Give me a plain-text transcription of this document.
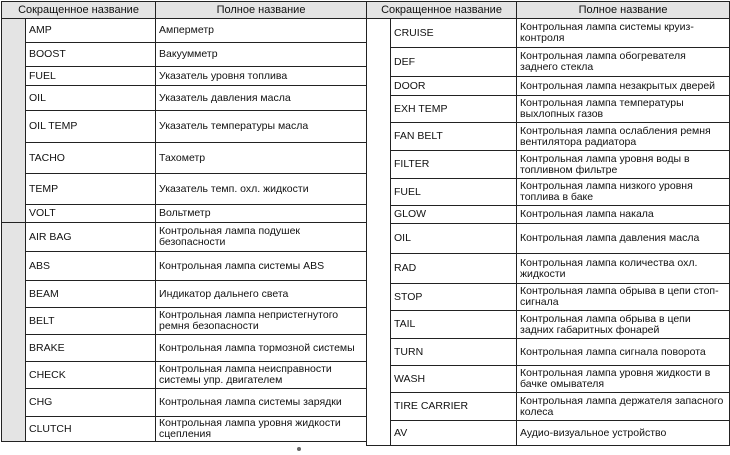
Сокращенное название		Полное название
	AMP	Амперметр
	BOOST	Вакуумметр
	FUEL	Указатель уровня топлива
	OIL	Указатель давления масла
	OIL TEMP	Указатель температуры масла
	TACHO	Тахометр
	TEMP	Указатель темп. охл. жидкости
	VOLT	Вольтметр
	AIR BAG	Контрольная лампа подушек безопасности
	ABS	Контрольная лампа системы ABS
	BEAM	Индикатор дальнего света
	BELT	Контрольная лампа непристегнутого ремня безопасности
	BRAKE	Контрольная лампа тормозной системы
	CHECK	Контрольная лампа неисправности системы упр. двигателем
	CHG	Контрольная лампа системы зарядки
	CLUTCH	Контрольная лампа уровня жидкости сцепления
Сокращенное название		Полное название
	CRUISE	Контрольная лампа системы круиз-контроля
	DEF	Контрольная лампа обогревателя заднего стекла
	DOOR	Контрольная лампа незакрытых дверей
	EXH TEMP	Контрольная лампа температуры выхлопных газов
	FAN BELT	Контрольная лампа ослабления ремня вентилятора радиатора
	FILTER	Контрольная лампа уровня воды в топливном фильтре
	FUEL	Контрольная лампа низкого уровня топлива в баке
	GLOW	Контрольная лампа накала
	OIL	Контрольная лампа давления масла
	RAD	Контрольная лампа количества охл. жидкости
	STOP	Контрольная лампа обрыва в цепи стоп-сигнала
	TAIL	Контрольная лампа обрыва в цепи задних габаритных фонарей
	TURN	Контрольная лампа сигнала поворота
	WASH	Контрольная лампа уровня жидкости в бачке омывателя
	TIRE CARRIER	Контрольная лампа держателя запасного колеса
	AV	Аудио-визуальное устройство
